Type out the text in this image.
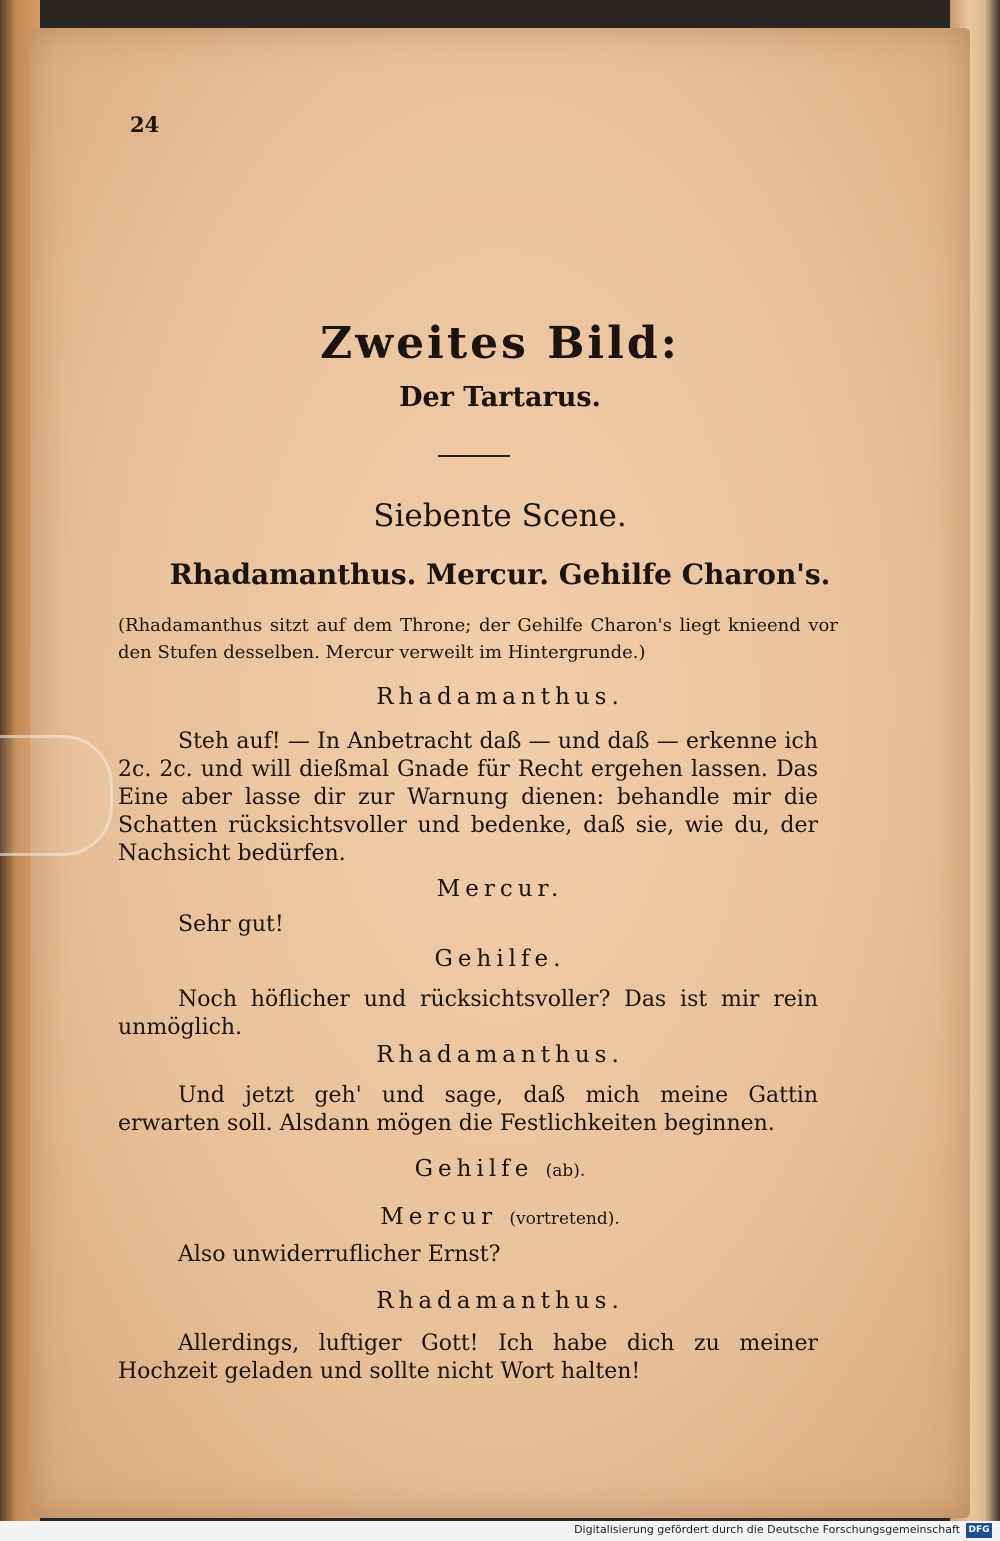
24
Zweites Bild:
Der Tartarus.
Siebente Scene.
Rhadamanthus. Mercur. Gehilfe Charon's.
(Rhadamanthus sitzt auf dem Throne; der Gehilfe Charon's liegt knieend vor den Stufen desselben. Mercur verweilt im Hintergrunde.)
Rhadamanthus.
Steh auf! — In Anbetracht daß — und daß — erkenne ich 2c. 2c. und will dießmal Gnade für Recht ergehen lassen. Das Eine aber lasse dir zur Warnung dienen: behandle mir die Schatten rücksichtsvoller und bedenke, daß sie, wie du, der Nachsicht bedürfen.
Mercur.
Sehr gut!
Gehilfe.
Noch höflicher und rücksichtsvoller? Das ist mir rein unmöglich.
Rhadamanthus.
Und jetzt geh' und sage, daß mich meine Gattin erwarten soll. Alsdann mögen die Festlichkeiten beginnen.
Gehilfe (ab).
Mercur (vortretend).
Also unwiderruflicher Ernst?
Rhadamanthus.
Allerdings, luftiger Gott! Ich habe dich zu meiner Hochzeit geladen und sollte nicht Wort halten!
Digitalisierung gefördert durch die Deutsche Forschungsgemeinschaft DFG
